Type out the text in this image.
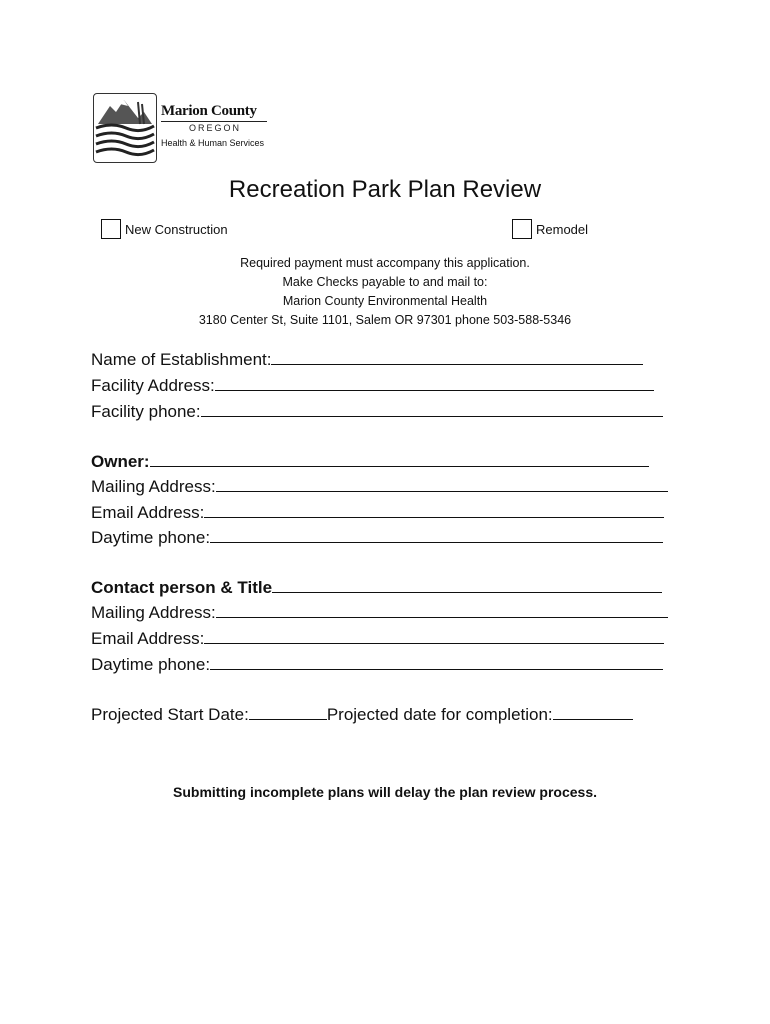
Marion County
OREGON
Health & Human Services
Recreation Park Plan Review
New Construction	Remodel
Required payment must accompany this application.
Make Checks payable to and mail to:
Marion County Environmental Health
3180 Center St, Suite 1101, Salem OR 97301 phone 503-588-5346
Name of Establishment:
Facility Address:
Facility phone:
Owner:
Mailing Address:
Email Address:
Daytime phone:
Contact person & Title
Mailing Address:
Email Address:
Daytime phone:
Projected Start Date:	Projected date for completion:
Submitting incomplete plans will delay the plan review process.
